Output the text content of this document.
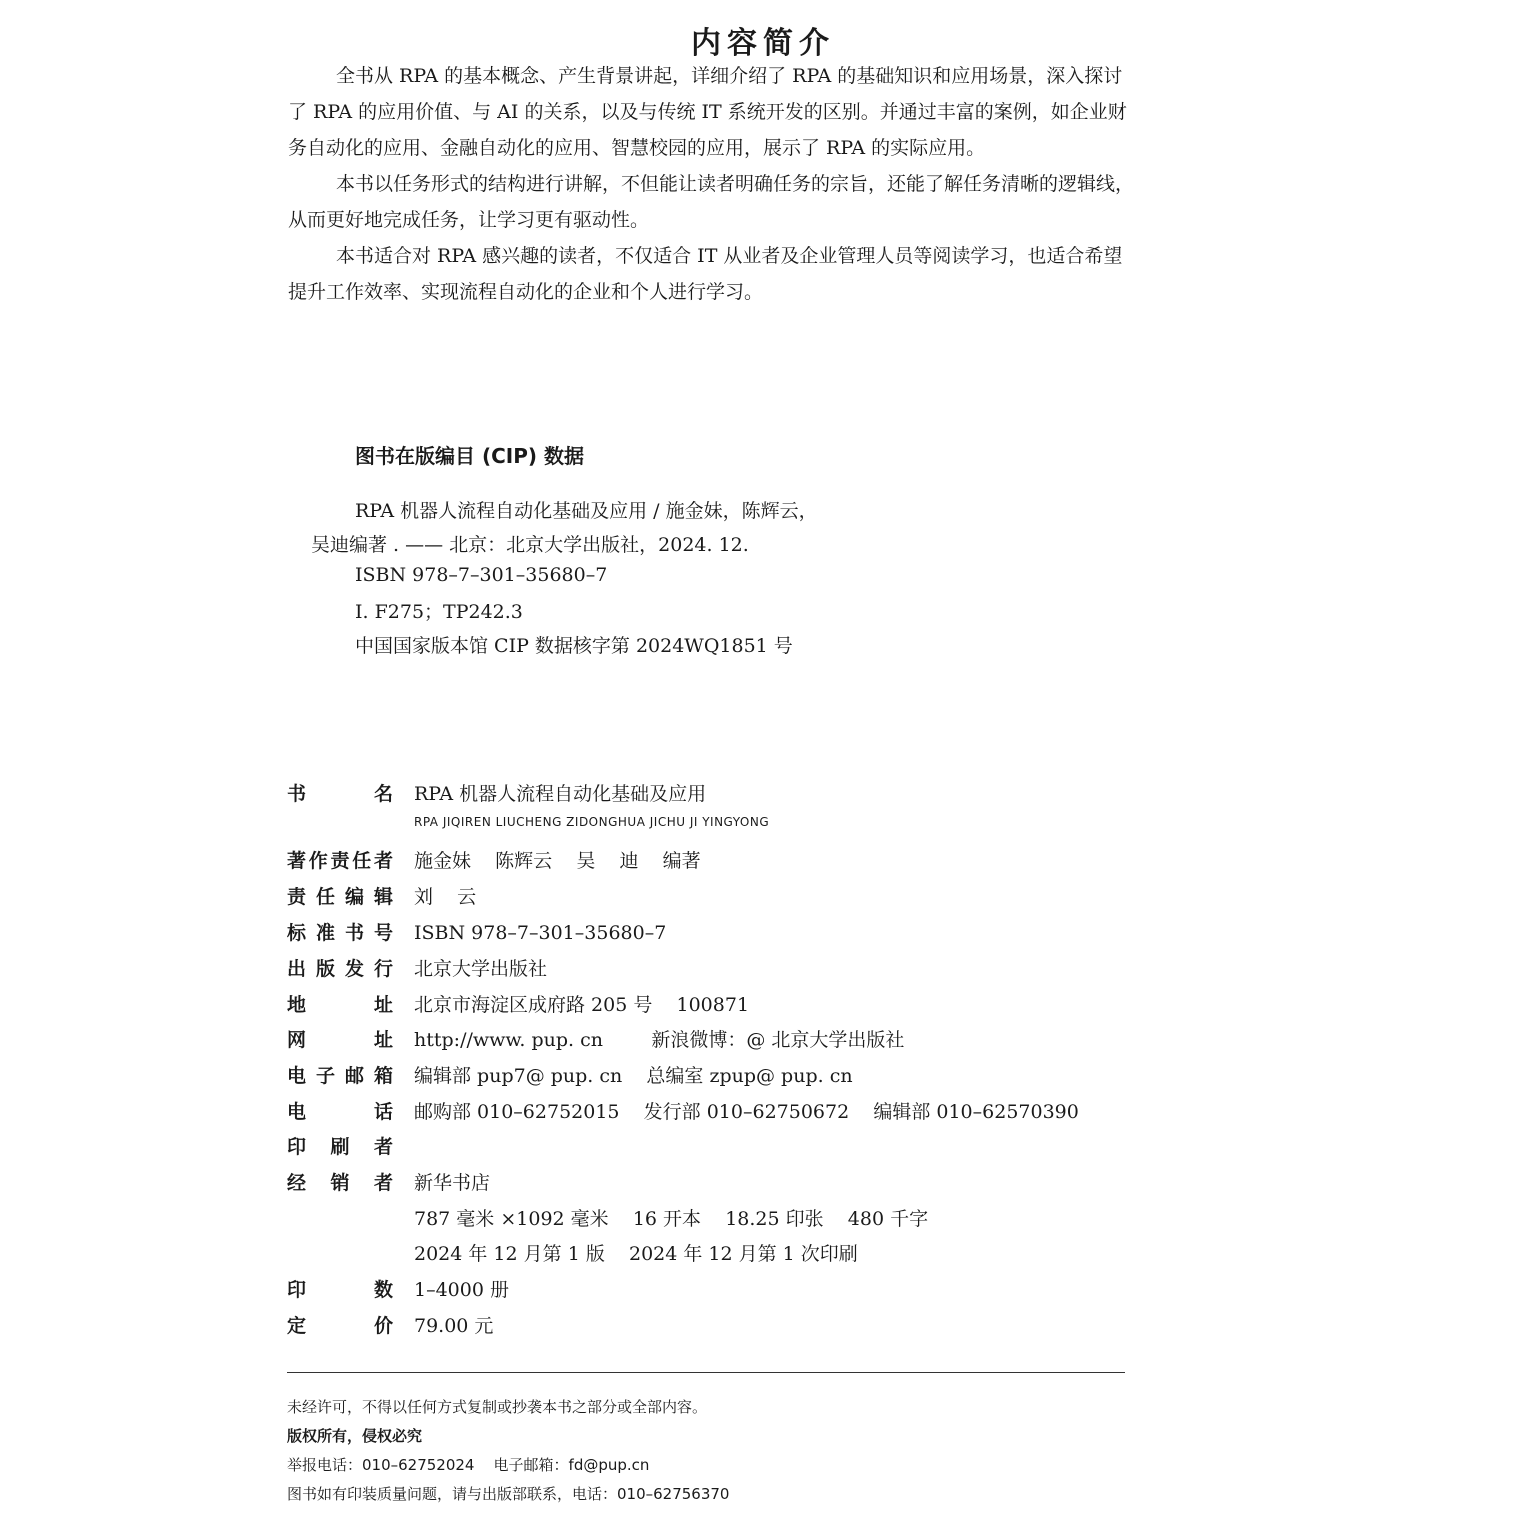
内容简介
全书从 RPA 的基本概念、产生背景讲起，详细介绍了 RPA 的基础知识和应用场景，深入探讨
了 RPA 的应用价值、与 AI 的关系，以及与传统 IT 系统开发的区别。并通过丰富的案例，如企业财
务自动化的应用、金融自动化的应用、智慧校园的应用，展示了 RPA 的实际应用。
本书以任务形式的结构进行讲解，不但能让读者明确任务的宗旨，还能了解任务清晰的逻辑线，
从而更好地完成任务，让学习更有驱动性。
本书适合对 RPA 感兴趣的读者，不仅适合 IT 从业者及企业管理人员等阅读学习，也适合希望
提升工作效率、实现流程自动化的企业和个人进行学习。
图书在版编目 (CIP) 数据
RPA 机器人流程自动化基础及应用 / 施金妹，陈辉云，
吴迪编著 . —— 北京：北京大学出版社，2024. 12.
ISBN 978–7–301–35680–7
Ⅰ. F275；TP242.3
中国国家版本馆 CIP 数据核字第 2024WQ1851 号
书名 RPA 机器人流程自动化基础及应用
RPA JIQIREN LIUCHENG ZIDONGHUA JICHU JI YINGYONG
著作责任者 施金妹    陈辉云    吴    迪    编著
责任编辑 刘    云
标准书号 ISBN 978–7–301–35680–7
出版发行 北京大学出版社
地址 北京市海淀区成府路 205 号    100871
网址 http://www. pup. cn        新浪微博：@ 北京大学出版社
电子邮箱 编辑部 pup7@ pup. cn    总编室 zpup@ pup. cn
电话 邮购部 010–62752015    发行部 010–62750672    编辑部 010–62570390
印刷者
经销者 新华书店
787 毫米 ×1092 毫米    16 开本    18.25 印张    480 千字
2024 年 12 月第 1 版    2024 年 12 月第 1 次印刷
印数 1–4000 册
定价 79.00 元
未经许可，不得以任何方式复制或抄袭本书之部分或全部内容。
版权所有，侵权必究
举报电话：010–62752024    电子邮箱：fd@pup.cn
图书如有印装质量问题，请与出版部联系，电话：010–62756370
